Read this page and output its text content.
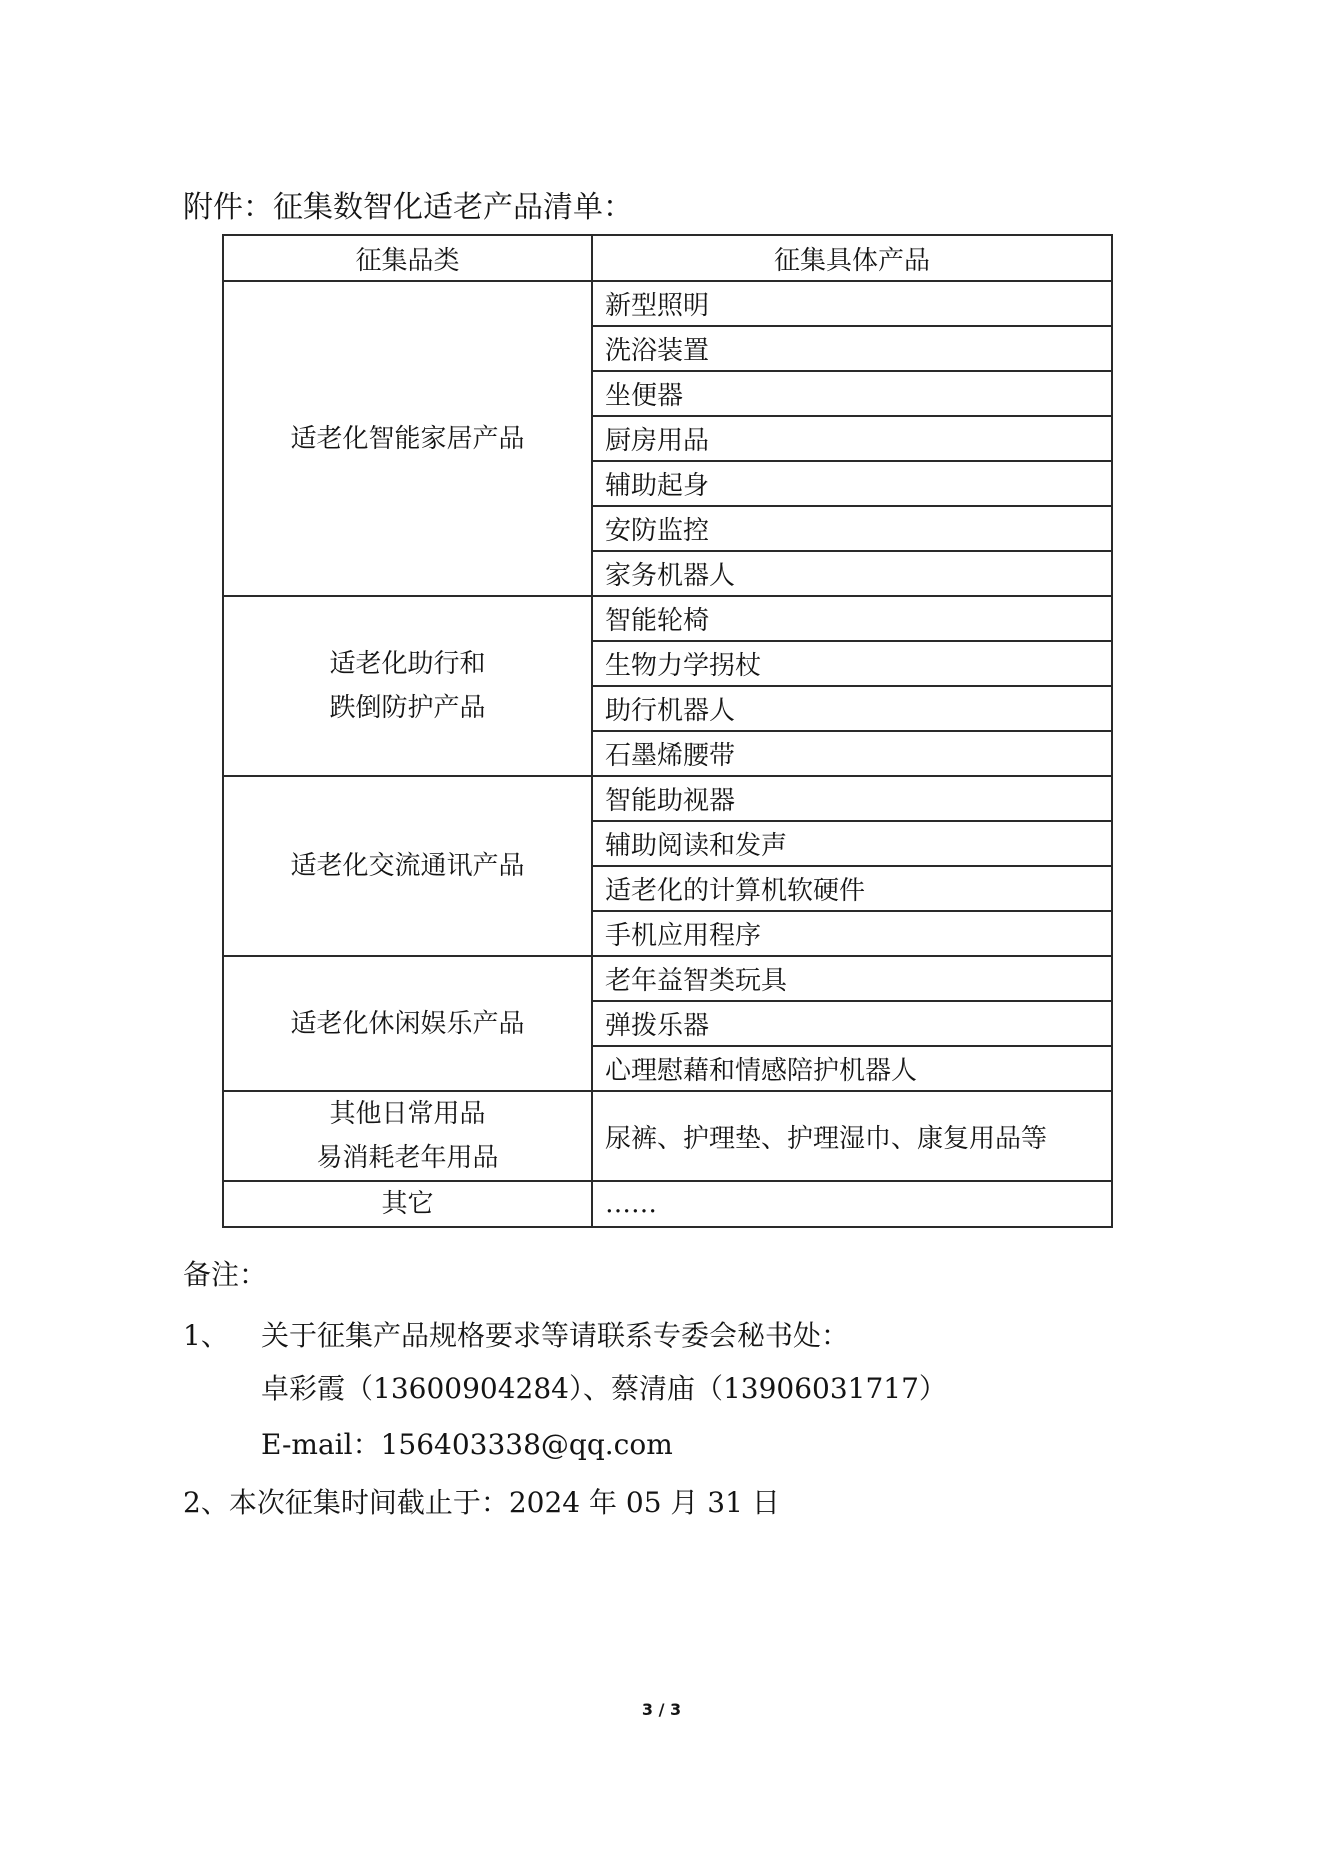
附件：征集数智化适老产品清单：
征集品类	征集具体产品

适老化智能家居产品	新型照明
	洗浴装置
	坐便器
	厨房用品
	辅助起身
	安防监控
	家务机器人

适老化助行和
跌倒防护产品	智能轮椅
	生物力学拐杖
	助行机器人
	石墨烯腰带

适老化交流通讯产品	智能助视器
	辅助阅读和发声
	适老化的计算机软硬件
	手机应用程序

适老化休闲娱乐产品	老年益智类玩具
	弹拨乐器
	心理慰藉和情感陪护机器人

其他日常用品
易消耗老年用品	尿裤、护理垫、护理湿巾、康复用品等

其它	……
备注：
1、 关于征集产品规格要求等请联系专委会秘书处：
卓彩霞（13600904284）、蔡清庙（13906031717）
E-mail：156403338@qq.com
2、本次征集时间截止于：2024 年 05 月 31 日
3 / 3
